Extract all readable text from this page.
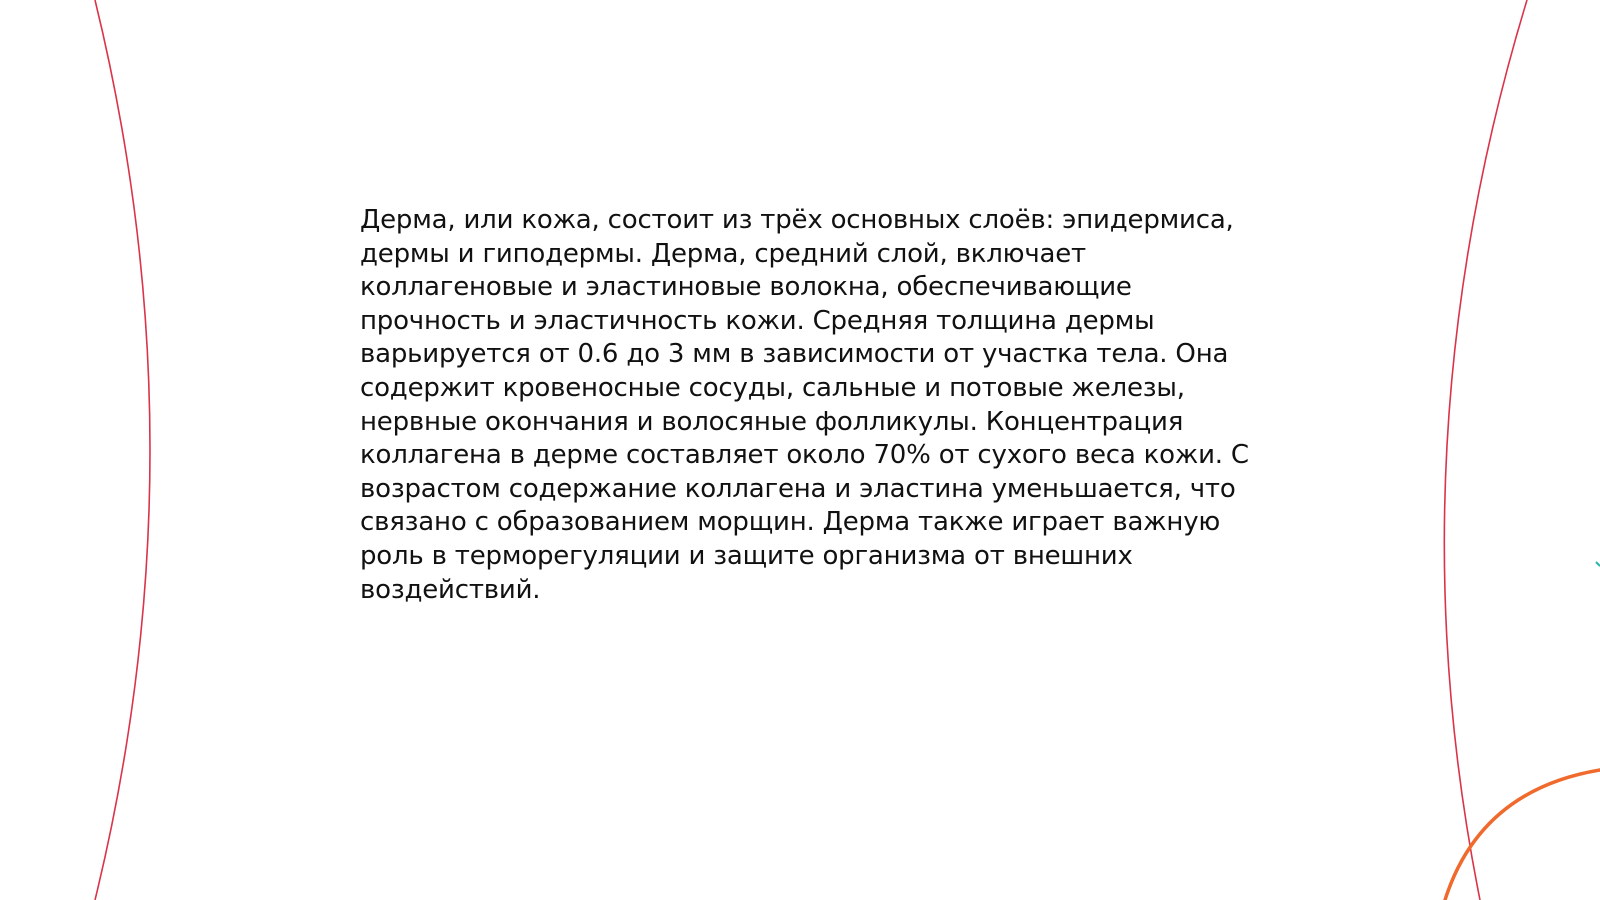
Дерма, или кожа, состоит из трёх основных слоёв: эпидермиса, дермы и гиподермы. Дерма, средний слой, включает коллагеновые и эластиновые волокна, обеспечивающие прочность и эластичность кожи. Средняя толщина дермы варьируется от 0.6 до 3 мм в зависимости от участка тела. Она содержит кровеносные сосуды, сальные и потовые железы, нервные окончания и волосяные фолликулы. Концентрация коллагена в дерме составляет около 70% от сухого веса кожи. С возрастом содержание коллагена и эластина уменьшается, что связано с образованием морщин. Дерма также играет важную роль в терморегуляции и защите организма от внешних воздействий.
